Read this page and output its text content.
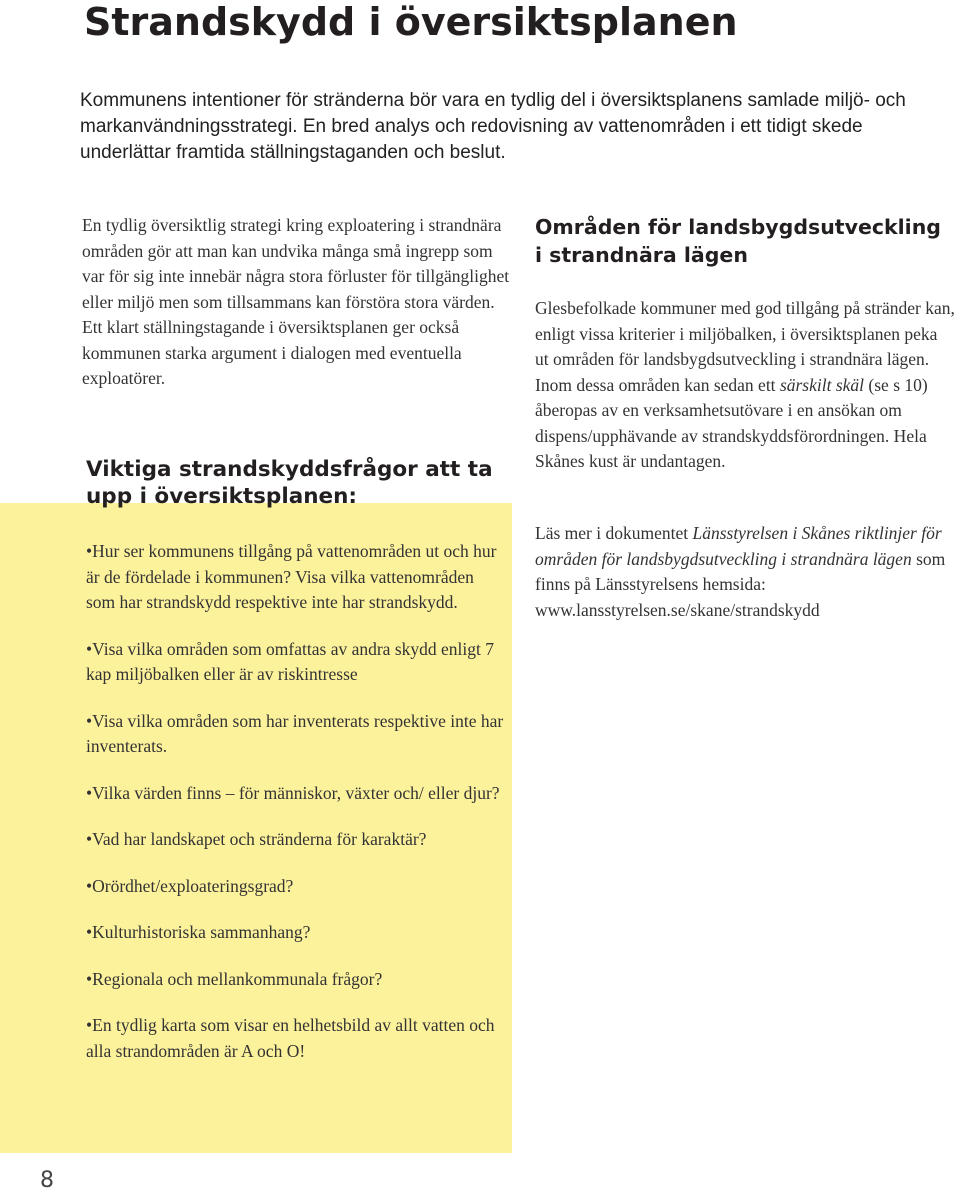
Strandskydd i översiktsplanen

Kommunens intentioner för stränderna bör vara en tydlig del i översiktsplanens samlade miljö- och markanvändningsstrategi. En bred analys och redovisning av vattenområden i ett tidigt skede underlättar framtida ställningstaganden och beslut.

En tydlig översiktlig strategi kring exploatering i strandnära områden gör att man kan undvika många små ingrepp som var för sig inte innebär några stora förluster för tillgänglighet eller miljö men som tillsammans kan förstöra stora värden. Ett klart ställningstagande i översiktsplanen ger också kommunen starka argument i dialogen med eventuella exploatörer.

Viktiga strandskyddsfrågor att ta upp i översiktsplanen:
• Hur ser kommunens tillgång på vattenområden ut och hur är de fördelade i kommunen? Visa vilka vattenområden som har strandskydd respektive inte har strandskydd.
• Visa vilka områden som omfattas av andra skydd enligt 7 kap miljöbalken eller är av riskintresse
• Visa vilka områden som har inventerats respektive inte har inventerats.
• Vilka värden finns – för människor, växter och/ eller djur?
• Vad har landskapet och stränderna för karaktär?
• Orördhet/exploateringsgrad?
• Kulturhistoriska sammanhang?
• Regionala och mellankommunala frågor?
• En tydlig karta som visar en helhetsbild av allt vatten och alla strandområden är A och O!
Områden för landsbygdsutveckling i strandnära lägen

Glesbefolkade kommuner med god tillgång på stränder kan, enligt vissa kriterier i miljöbalken, i översiktsplanen peka ut områden för landsbygdsutveckling i strandnära lägen. Inom dessa områden kan sedan ett särskilt skäl (se s 10) åberopas av en verksamhetsutövare i en ansökan om dispens/upphävande av strandskyddsförordningen. Hela Skånes kust är undantagen.

Läs mer i dokumentet Länsstyrelsen i Skånes riktlinjer för områden för landsbygdsutveckling i strandnära lägen som finns på Länsstyrelsens hemsida: www.lansstyrelsen.se/skane/strandskydd

8
